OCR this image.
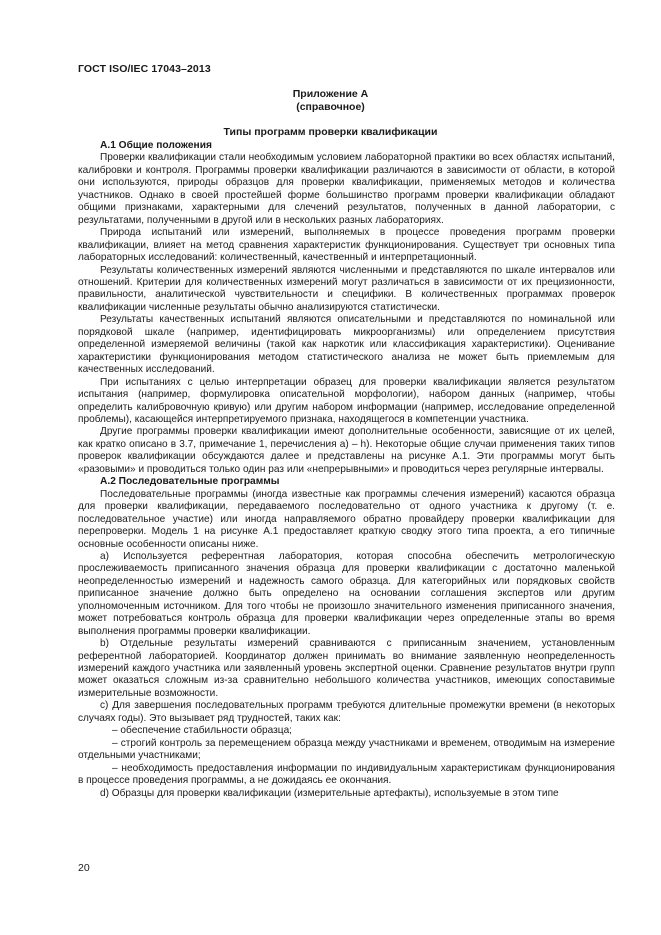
ГОСТ ISO/IEC 17043–2013
Приложение А
(справочное)
Типы программ проверки квалификации
А.1 Общие положения

Проверки квалификации стали необходимым условием лабораторной практики во всех областях испытаний, калибровки и контроля. Программы проверки квалификации различаются в зависимости от области, в которой они используются, природы образцов для проверки квалификации, применяемых методов и количества участников. Однако в своей простейшей форме большинство программ проверки квалификации обладают общими признаками, характерными для слечений результатов, полученных в данной лаборатории, с результатами, полученными в другой или в нескольких разных лабораториях.

Природа испытаний или измерений, выполняемых в процессе проведения программ проверки квалификации, влияет на метод сравнения характеристик функционирования. Существует три основных типа лабораторных исследований: количественный, качественный и интерпретационный.

Результаты количественных измерений являются численными и представляются по шкале интервалов или отношений. Критерии для количественных измерений могут различаться в зависимости от их прецизионности, правильности, аналитической чувствительности и специфики. В количественных программах проверок квалификации численные результаты обычно анализируются статистически.

Результаты качественных испытаний являются описательными и представляются по номинальной или порядковой шкале (например, идентифицировать микроорганизмы) или определением присутствия определенной измеряемой величины (такой как наркотик или классификация характеристики). Оценивание характеристики функционирования методом статистического анализа не может быть приемлемым для качественных исследований.

При испытаниях с целью интерпретации образец для проверки квалификации является результатом испытания (например, формулировка описательной морфологии), набором данных (например, чтобы определить калибровочную кривую) или другим набором информации (например, исследование определенной проблемы), касающейся интерпретируемого признака, находящегося в компетенции участника.

Другие программы проверки квалификации имеют дополнительные особенности, зависящие от их целей, как кратко описано в 3.7, примечание 1, перечисления а) – h). Некоторые общие случаи применения таких типов проверок квалификации обсуждаются далее и представлены на рисунке А.1. Эти программы могут быть «разовыми» и проводиться только один раз или «непрерывными» и проводиться через регулярные интервалы.

А.2 Последовательные программы

Последовательные программы (иногда известные как программы слечения измерений) касаются образца для проверки квалификации, передаваемого последовательно от одного участника к другому (т. е. последовательное участие) или иногда направляемого обратно провайдеру проверки квалификации для перепроверки. Модель 1 на рисунке А.1 предоставляет краткую сводку этого типа проекта, а его типичные основные особенности описаны ниже.

a) Используется референтная лаборатория, которая способна обеспечить метрологическую прослеживаемость приписанного значения образца для проверки квалификации с достаточно маленькой неопределенностью измерений и надежность самого образца. Для категорийных или порядковых свойств приписанное значение должно быть определено на основании соглашения экспертов или другим уполномоченным источником. Для того чтобы не произошло значительного изменения приписанного значения, может потребоваться контроль образца для проверки квалификации через определенные этапы во время выполнения программы проверки квалификации.

b) Отдельные результаты измерений сравниваются с приписанным значением, установленным референтной лабораторией. Координатор должен принимать во внимание заявленную неопределенность измерений каждого участника или заявленный уровень экспертной оценки. Сравнение результатов внутри групп может оказаться сложным из-за сравнительно небольшого количества участников, имеющих сопоставимые измерительные возможности.

c) Для завершения последовательных программ требуются длительные промежутки времени (в некоторых случаях годы). Это вызывает ряд трудностей, таких как:

– обеспечение стабильности образца;

– строгий контроль за перемещением образца между участниками и временем, отводимым на измерение отдельными участниками;

– необходимость предоставления информации по индивидуальным характеристикам функционирования в процессе проведения программы, а не дожидаясь ее окончания.

d) Образцы для проверки квалификации (измерительные артефакты), используемые в этом типе

20
